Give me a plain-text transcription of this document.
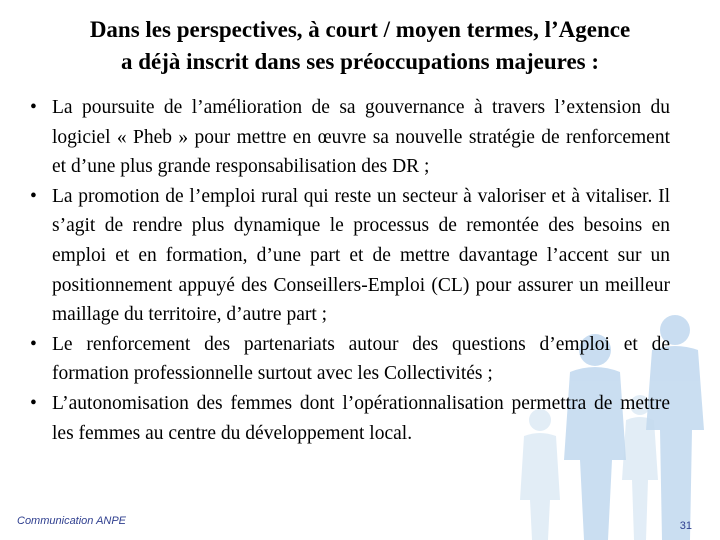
Dans les perspectives, à court / moyen termes, l’Agence
a déjà inscrit dans ses préoccupations majeures :
• La poursuite de l’amélioration de sa gouvernance à travers l’extension du logiciel « Pheb » pour mettre en œuvre sa nouvelle stratégie de renforcement et d’une plus grande responsabilisation des DR ;
• La promotion de l’emploi rural qui reste un secteur à valoriser et à vitaliser. Il s’agit de rendre plus dynamique le processus de remontée des besoins en emploi et en formation, d’une part et de mettre davantage l’accent sur un positionnement appuyé des Conseillers-Emploi (CL) pour assurer un meilleur maillage du territoire, d’autre part ;
• Le renforcement des partenariats autour des questions d’emploi et de formation professionnelle surtout avec les Collectivités ;
• L’autonomisation des femmes dont l’opérationnalisation permettra de mettre les femmes au centre du développement local.
Communication ANPE	31
